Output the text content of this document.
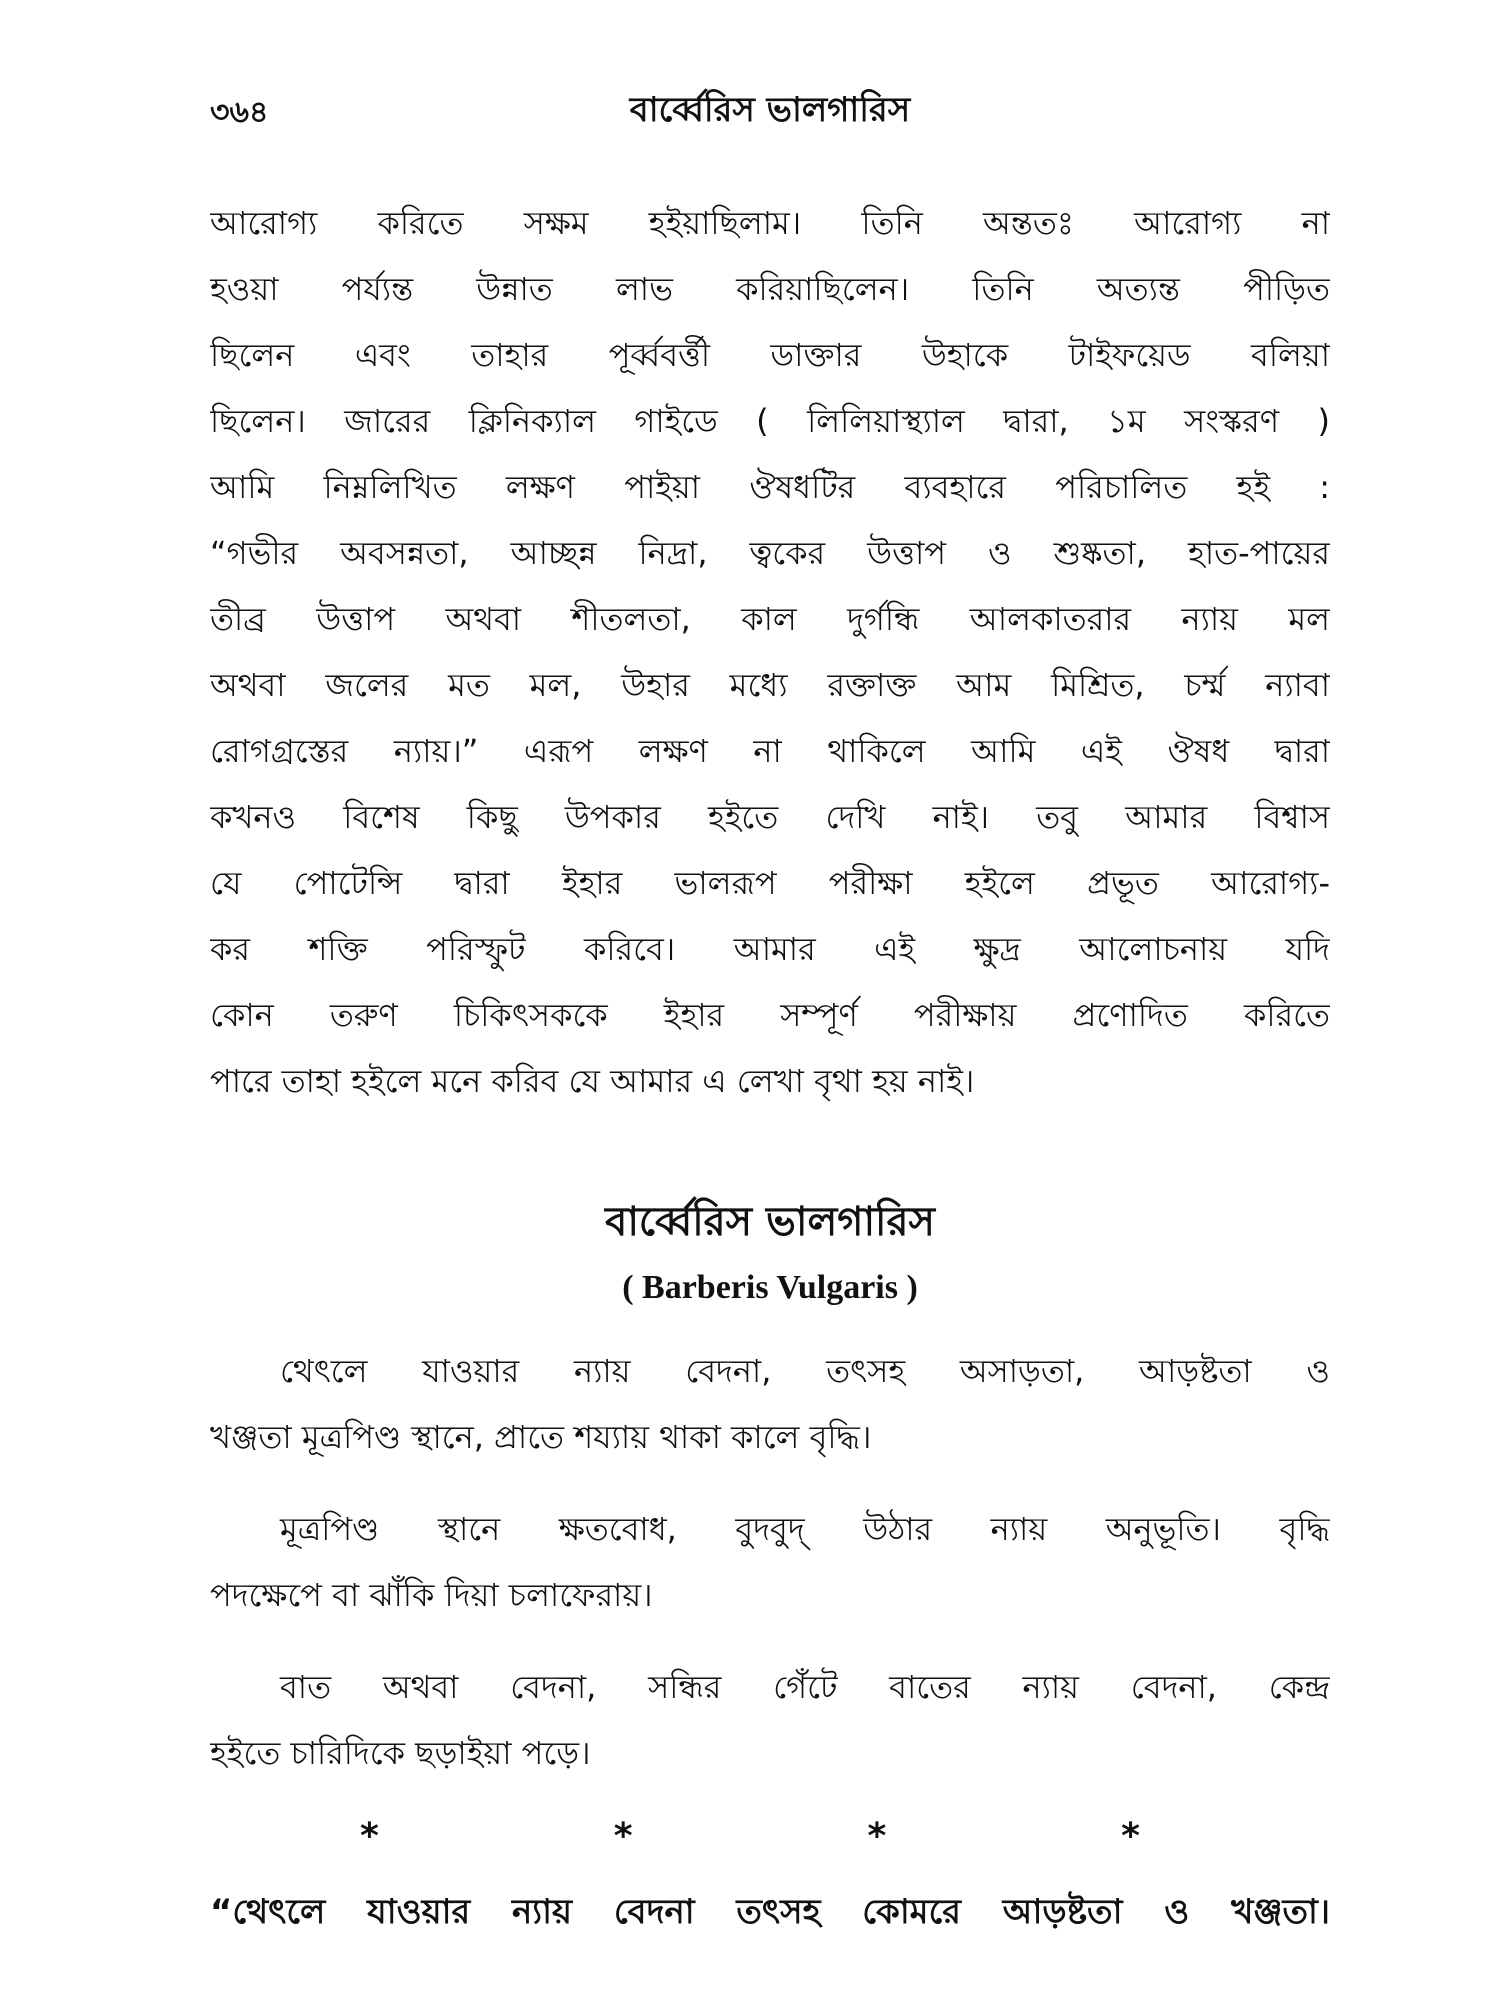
৩৬৪	বার্ব্বেরিস ভালগারিস
আরোগ্য করিতে সক্ষম হইয়াছিলাম। তিনি অন্ততঃ আরোগ্য না
হওয়া পর্য্যন্ত উন্নাত লাভ করিয়াছিলেন। তিনি অত্যন্ত পীড়িত
ছিলেন এবং তাহার পূর্ব্ববর্ত্তী ডাক্তার উহাকে টাইফয়েড বলিয়া
ছিলেন। জারের ক্লিনিক্যাল গাইডে ( লিলিয়াস্থ্যাল দ্বারা, ১ম সংস্করণ )
আমি নিম্নলিখিত লক্ষণ পাইয়া ঔষধটির ব্যবহারে পরিচালিত হই :
“গভীর অবসন্নতা, আচ্ছন্ন নিদ্রা, ত্বকের উত্তাপ ও শুষ্কতা, হাত-পায়ের
তীব্র উত্তাপ অথবা শীতলতা, কাল দুর্গন্ধি আলকাতরার ন্যায় মল
অথবা জলের মত মল, উহার মধ্যে রক্তাক্ত আম মিশ্রিত, চর্ম্ম ন্যাবা
রোগগ্রস্তের ন্যায়।” এরূপ লক্ষণ না থাকিলে আমি এই ঔষধ দ্বারা
কখনও বিশেষ কিছু উপকার হইতে দেখি নাই। তবু আমার বিশ্বাস
যে পোটেন্সি দ্বারা ইহার ভালরূপ পরীক্ষা হইলে প্রভূত আরোগ্য-
কর শক্তি পরিস্ফুট করিবে। আমার এই ক্ষুদ্র আলোচনায় যদি
কোন তরুণ চিকিৎসককে ইহার সম্পূর্ণ পরীক্ষায় প্রণোদিত করিতে
পারে তাহা হইলে মনে করিব যে আমার এ লেখা বৃথা হয় নাই।
বার্ব্বেরিস ভালগারিস
( Barberis Vulgaris )
থেৎলে যাওয়ার ন্যায় বেদনা, তৎসহ অসাড়তা, আড়ষ্টতা ও
খঞ্জতা মূত্রপিণ্ড স্থানে, প্রাতে শয্যায় থাকা কালে বৃদ্ধি।
মূত্রপিণ্ড স্থানে ক্ষতবোধ, বুদবুদ্ উঠার ন্যায় অনুভূতি। বৃদ্ধি
পদক্ষেপে বা ঝাঁকি দিয়া চলাফেরায়।
বাত অথবা বেদনা, সন্ধির গেঁটে বাতের ন্যায় বেদনা, কেন্দ্র
হইতে চারিদিকে ছড়াইয়া পড়ে।
*	*	*	*
“থেৎলে যাওয়ার ন্যায় বেদনা তৎসহ কোমরে আড়ষ্টতা ও খঞ্জতা।
